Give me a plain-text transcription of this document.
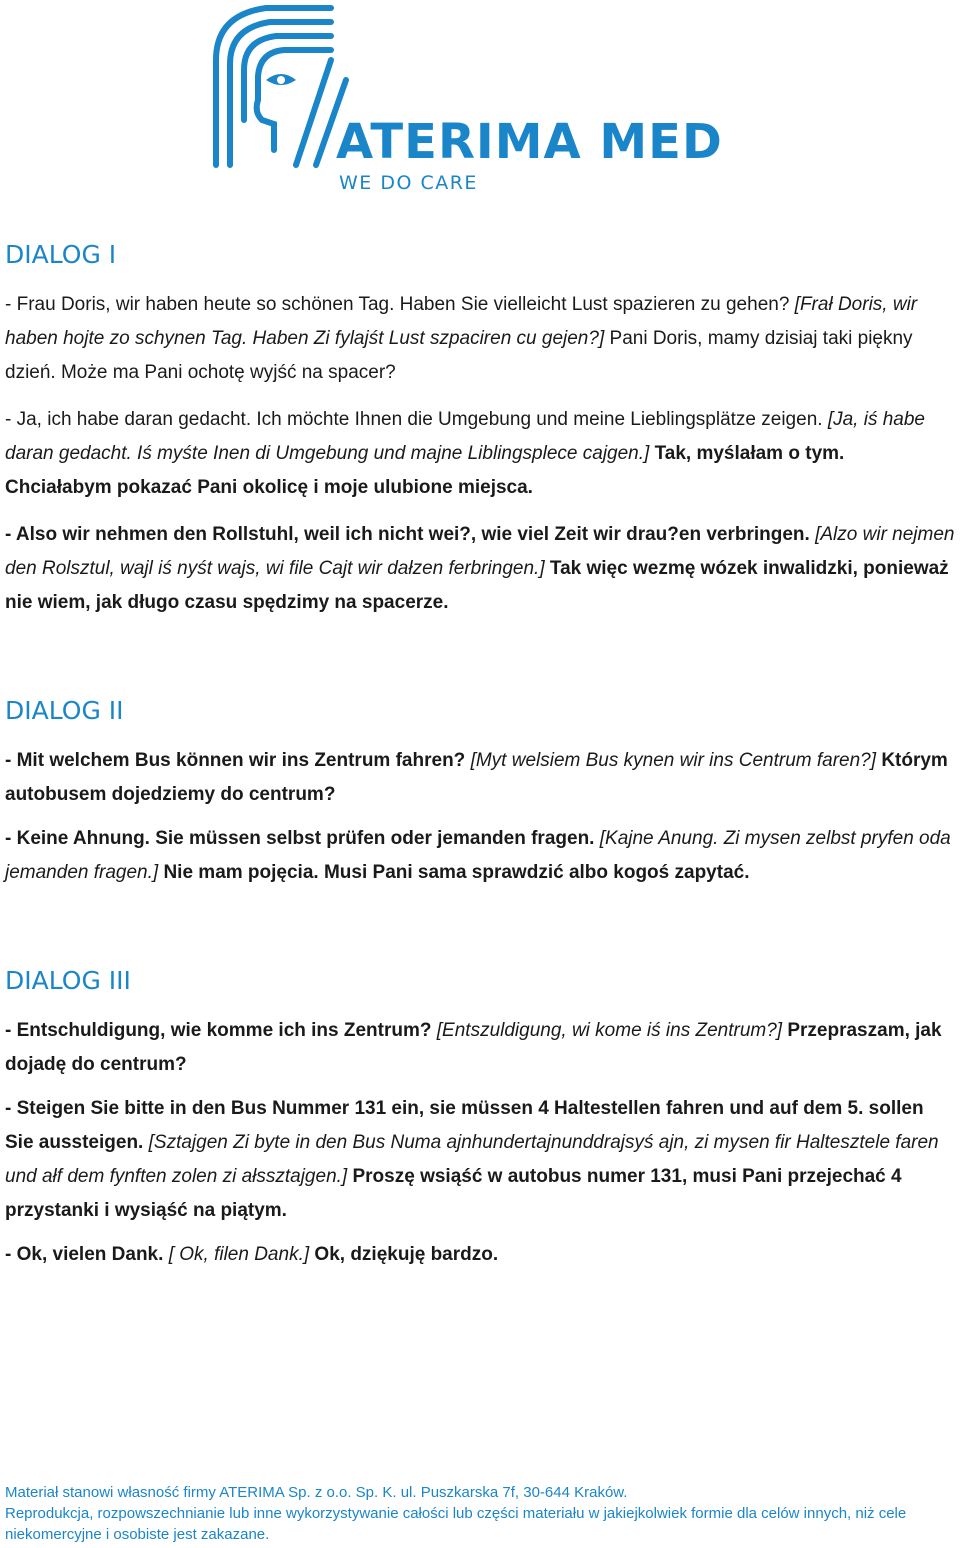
ATERIMA MED
WE DO CARE
DIALOG I

- Frau Doris, wir haben heute so schönen Tag. Haben Sie vielleicht Lust spazieren zu gehen? [Frał Doris, wir haben hojte zo schynen Tag. Haben Zi fylajśt Lust szpaciren cu gejen?] Pani Doris, mamy dzisiaj taki piękny dzień. Może ma Pani ochotę wyjść na spacer?

- Ja, ich habe daran gedacht. Ich möchte Ihnen die Umgebung und meine Lieblingsplätze zeigen. [Ja, iś habe daran gedacht. Iś myśte Inen di Umgebung und majne Liblingsplece cajgen.] Tak, myślałam o tym. Chciałabym pokazać Pani okolicę i moje ulubione miejsca.

- Also wir nehmen den Rollstuhl, weil ich nicht wei?, wie viel Zeit wir drau?en verbringen. [Alzo wir nejmen den Rolsztul, wajl iś nyśt wajs, wi file Cajt wir dałzen ferbringen.] Tak więc wezmę wózek inwalidzki, ponieważ nie wiem, jak długo czasu spędzimy na spacerze.

DIALOG II

- Mit welchem Bus können wir ins Zentrum fahren? [Myt welsiem Bus kynen wir ins Centrum faren?] Którym autobusem dojedziemy do centrum?

- Keine Ahnung. Sie müssen selbst prüfen oder jemanden fragen. [Kajne Anung. Zi mysen zelbst pryfen oda jemanden fragen.] Nie mam pojęcia. Musi Pani sama sprawdzić albo kogoś zapytać.

DIALOG III

- Entschuldigung, wie komme ich ins Zentrum? [Entszuldigung, wi kome iś ins Zentrum?] Przepraszam, jak dojadę do centrum?

- Steigen Sie bitte in den Bus Nummer 131 ein, sie müssen 4 Haltestellen fahren und auf dem 5. sollen Sie aussteigen. [Sztajgen Zi byte in den Bus Numa ajnhundertajnunddrajsyś ajn, zi mysen fir Haltesztele faren und ałf dem fynften zolen zi ałssztajgen.] Proszę wsiąść w autobus numer 131, musi Pani przejechać 4 przystanki i wysiąść na piątym.

- Ok, vielen Dank. [ Ok, filen Dank.] Ok, dziękuję bardzo.

Materiał stanowi własność firmy ATERIMA Sp. z o.o. Sp. K. ul. Puszkarska 7f, 30-644 Kraków.
Reprodukcja, rozpowszechnianie lub inne wykorzystywanie całości lub części materiału w jakiejkolwiek formie dla celów innych, niż cele niekomercyjne i osobiste jest zakazane.
